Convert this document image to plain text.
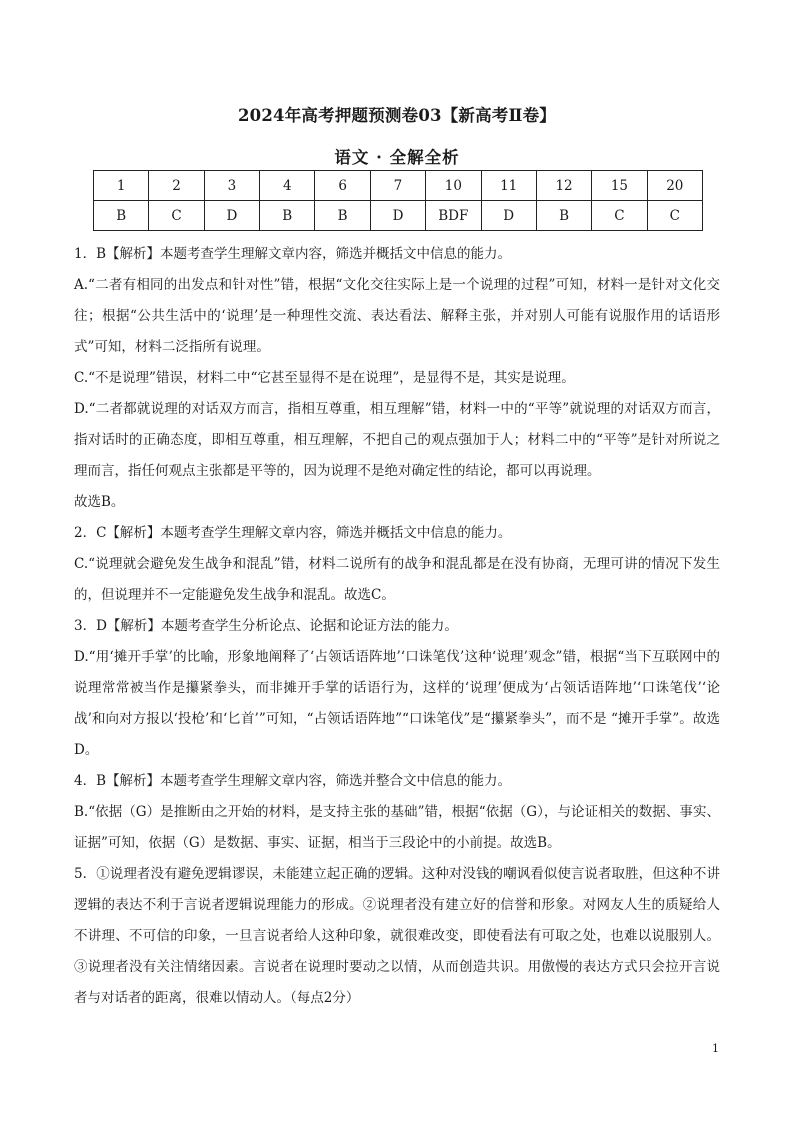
2024年高考押题预测卷03【新高考Ⅱ卷】
语文 · 全解全析
1	2	3	4	6	7	10	11	12	15	20
B	C	D	B	B	D	BDF	D	B	C	C

1．B【解析】本题考查学生理解文章内容，筛选并概括文中信息的能力。

A.“二者有相同的出发点和针对性”错，根据“文化交往实际上是一个说理的过程”可知，材料一是针对文化交往；根据“公共生活中的‘说理’是一种理性交流、表达看法、解释主张，并对别人可能有说服作用的话语形式”可知，材料二泛指所有说理。

C.“不是说理”错误，材料二中“它甚至显得不是在说理”，是显得不是，其实是说理。

D.“二者都就说理的对话双方而言，指相互尊重，相互理解”错，材料一中的“平等”就说理的对话双方而言，指对话时的正确态度，即相互尊重，相互理解，不把自己的观点强加于人；材料二中的“平等”是针对所说之理而言，指任何观点主张都是平等的，因为说理不是绝对确定性的结论，都可以再说理。

故选B。

2．C【解析】本题考查学生理解文章内容，筛选并概括文中信息的能力。

C.“说理就会避免发生战争和混乱”错，材料二说所有的战争和混乱都是在没有协商，无理可讲的情况下发生的，但说理并不一定能避免发生战争和混乱。故选C。

3．D【解析】本题考查学生分析论点、论据和论证方法的能力。

D.“用‘摊开手掌’的比喻，形象地阐释了‘占领话语阵地’‘口诛笔伐’这种‘说理’观念”错，根据“当下互联网中的说理常常被当作是攥紧拳头，而非摊开手掌的话语行为，这样的‘说理’便成为‘占领话语阵地’‘口诛笔伐’‘论战’和向对方报以‘投枪’和‘匕首’”可知，“占领话语阵地”“口诛笔伐”是“攥紧拳头”，而不是 “摊开手掌”。故选D。

4．B【解析】本题考查学生理解文章内容，筛选并整合文中信息的能力。

B.“依据（G）是推断由之开始的材料，是支持主张的基础”错，根据“依据（G），与论证相关的数据、事实、证据”可知，依据（G）是数据、事实、证据，相当于三段论中的小前提。故选B。

5．①说理者没有避免逻辑谬误，未能建立起正确的逻辑。这种对没钱的嘲讽看似使言说者取胜，但这种不讲逻辑的表达不利于言说者逻辑说理能力的形成。②说理者没有建立好的信誉和形象。对网友人生的质疑给人不讲理、不可信的印象，一旦言说者给人这种印象，就很难改变，即使看法有可取之处，也难以说服别人。③说理者没有关注情绪因素。言说者在说理时要动之以情，从而创造共识。用傲慢的表达方式只会拉开言说者与对话者的距离，很难以情动人。（每点2分）

1
